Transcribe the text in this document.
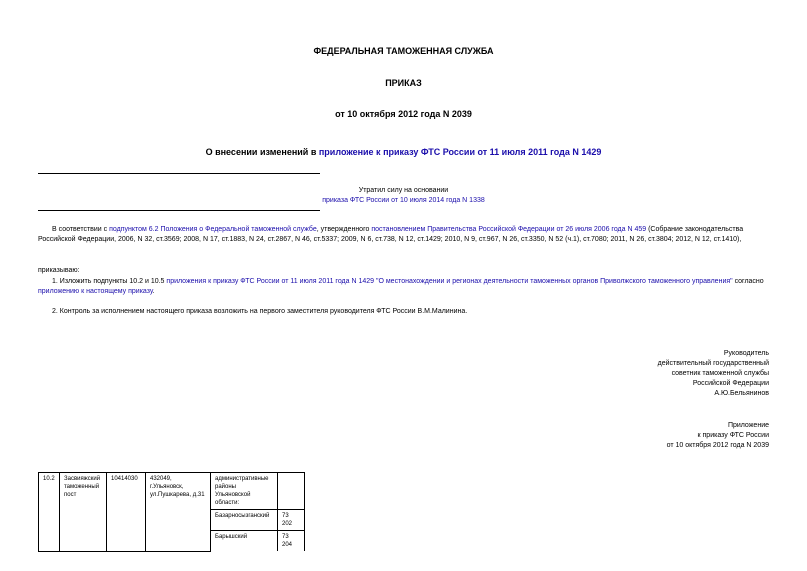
ФЕДЕРАЛЬНАЯ ТАМОЖЕННАЯ СЛУЖБА
ПРИКАЗ
от 10 октября 2012 года N 2039
О внесении изменений в приложение к приказу ФТС России от 11 июля 2011 года N 1429
Утратил силу на основании
приказа ФТС России от 10 июля 2014 года N 1338
В соответствии с подпунктом 6.2 Положения о Федеральной таможенной службе, утвержденного постановлением Правительства Российской Федерации от 26 июля 2006 года N 459 (Собрание законодательства Российской Федерации, 2006, N 32, ст.3569; 2008, N 17, ст.1883, N 24, ст.2867, N 46, ст.5337; 2009, N 6, ст.738, N 12, ст.1429; 2010, N 9, ст.967, N 26, ст.3350, N 52 (ч.1), ст.7080; 2011, N 26, ст.3804; 2012, N 12, ст.1410),
приказываю:
1. Изложить подпункты 10.2 и 10.5 приложения к приказу ФТС России от 11 июля 2011 года N 1429 "О местонахождении и регионах деятельности таможенных органов Приволжского таможенного управления" согласно приложению к настоящему приказу.
2. Контроль за исполнением настоящего приказа возложить на первого заместителя руководителя ФТС России В.М.Малинина.
Руководитель
действительный государственный
советник таможенной службы
Российской Федерации
А.Ю.Бельянинов
Приложение
к приказу ФТС России
от 10 октября 2012 года N 2039
10.2	Засвияжский таможенный пост	10414030	432049, г.Ульяновск, ул.Пушкарева, д.31	административные районы Ульяновской области:	
				Базарносызганский	73 202
				Барышский	73 204
